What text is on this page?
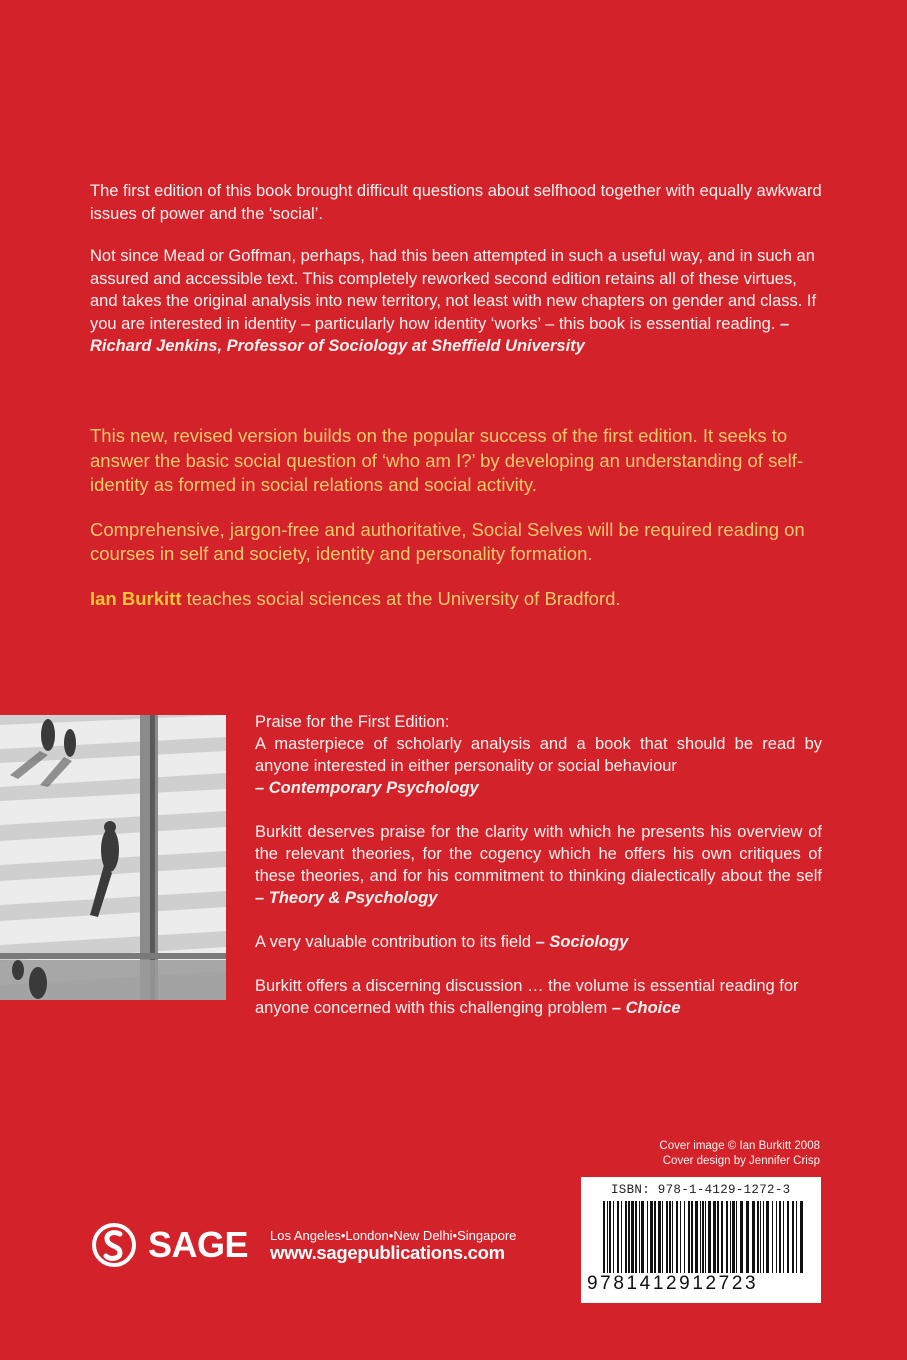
The first edition of this book brought difficult questions about selfhood together with equally awkward issues of power and the ‘social’.

Not since Mead or Goffman, perhaps, had this been attempted in such a useful way, and in such an assured and accessible text. This completely reworked second edition retains all of these virtues, and takes the original analysis into new territory, not least with new chapters on gender and class. If you are interested in identity – particularly how identity ‘works’ – this book is essential reading. – Richard Jenkins, Professor of Sociology at Sheffield University

This new, revised version builds on the popular success of the first edition. It seeks to answer the basic social question of ‘who am I?’ by developing an understanding of self-identity as formed in social relations and social activity.

Comprehensive, jargon-free and authoritative, Social Selves will be required reading on courses in self and society, identity and personality formation.

Ian Burkitt teaches social sciences at the University of Bradford.

Praise for the First Edition:

A masterpiece of scholarly analysis and a book that should be read by anyone interested in either personality or social behaviour
– Contemporary Psychology

Burkitt deserves praise for the clarity with which he presents his overview of the relevant theories, for the cogency which he offers his own critiques of these theories, and for his commitment to thinking dialectically about the self – Theory & Psychology

A very valuable contribution to its field – Sociology

Burkitt offers a discerning discussion … the volume is essential reading for anyone concerned with this challenging problem – Choice

Cover image © Ian Burkitt 2008
Cover design by Jennifer Crisp
ISBN: 978-1-4129-1272-3
9781412912723
SAGE Los Angeles•London•New Delhi•Singapore
www.sagepublications.com
